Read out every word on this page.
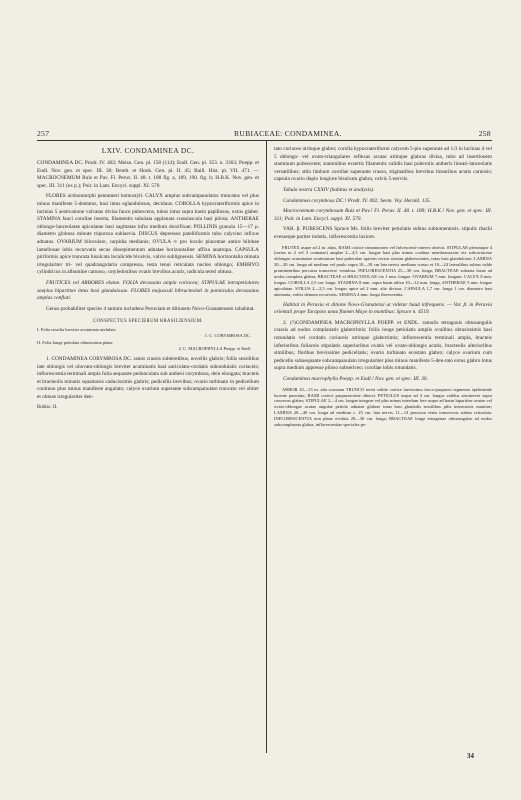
257	RUBIACEAE: CONDAMINEA.	258

LXIV. CONDAMINEA DC.

CONDAMINEA DC. Prodr. IV. 402; Meisn. Gen. pl. 158 (114); Endl. Gen. pl. 353. n. 3363; Poepp. et Endl. Nov. gen. et spec. III. 30; Benth. et Hook. Gen. pl. II. 45; Baill. Hist. pl. VII. 471. — MACROCNEMUM Ruiz et Pav. Fl. Peruv. II. 48. t. 188 fig. a, 189, 190. fig. b; H.B.K. Nov. gen. et spec. III. 311 (ex p.); Poir. in Lam. Encycl. suppl. XI. 570.

FLORES actinomorphi pentameri homostyli. CALYX amplus subcampanulatus truncatus vel plus minus manifeste 5-dentatus, basi intus eglandulosus, deciduus. COROLLA hypocrateriformis apice in lacinias 5 aestivatione valvatas divisa fauce pubescens, tubus intus supra basin papillosus, extus glaber. STAMINA fauci corollae inserta, filamentis subulata applanata crassiuscula basi pilosa; ANTHERAE oblongo-lanceolatae apiculatae basi sagittatae infra medium dorsifixae; POLLINIS granula 15—17 μ. diametro globosa minute triporosa sublaevia. DISCUS depressus patelliformis tubo calycino infixus adnatus. OVARIUM biloculare, carpidia medianis; OVULA ∞ pro loculo placentae antice bilobae lamellosae lobis recurvatis secus dissepimentum adnatae horizontaliter affixa anatropa. CAPSULA piriformis apice truncata bisulcata loculicide bivalvis, valvis subligneosis. SEMINA horizontalia minuta irregulariter tri- vel quadrangularia compressa, testa tenui reticulata nucleo oblongo; EMBRYO cylindricus in albumine carnoso, cotyledonibus ovatis brevibus acutis, radicula tereti obtusa.

FRUTICES vel ARBORES elatae. FOLIA decussata ampla coriacea; STIPULAE intrapetiolares saepius bipartitae intus basi glandulosae. FLORES majusculi bibracteolati in panniculas decussatas amplas conflati.

Genus probabiliter species 4 tantum includens Peruviam et ditionem Novo-Granatensem inhabitat.

CONSPECTUS SPECIERUM BRASILIENSIUM.

I. Folia sessilia breviter acuminata undulata
1. C. CORYMBOSA DC.
II. Folia longe petiolata obtusissima plana
2. C. MACROPHYLLA Poepp. et Endl.

1. CONDAMINEA CORYMBOSA DC. ramis crassis subteretibus, novellis glabris; foliis sessilibus late oblongis vel obovato-oblongis breviter acuminatis basi auriculato-cordatis subundulatis coriaceis; inflorescentia terminali ampla folia aequante pedunculata sub anthesi corymbosa, dein elongata; bracteis et bracteolis minutis squamosis caducissimis glabris; pedicellis brevibus; ovario turbinato in pedicellum continuo plus minus manifeste angulato; calyce ovarium superante subcampanulato truncato vel obiter et obtuse irregulariter den-

Rubiac. II.

tato coriaceo utrinque glabro; corolla hypocrateriformi calycem 5-plo superante ad 1/3 in lacinias 4 vel 5 oblongo- vel ovato-triangulares reflexas acutas utrinque glabras divisa, tubo ad insertionem staminum pubescente; staminibus exsertis filamentis validis basi puberulis antheris lineari-lanceolatis versatilibus; stilo limbum corollae superante crasso, stigmatibus brevibus linearibus acutis carnosis; capsula ovario duplo longiore bisulcata glabra, valvis 5-nerviis.

Tabula nostra CXXIV (habitus et analysis).

Condaminea corymbosa DC.! Prodr. IV. 402; Seem. Voy. Herald. 135.

Macrocnemum corymbosum Ruiz et Pav.! Fl. Peruv. II. 48. t. 189; H.B.K.! Nov. gen. et spec. III. 311; Poir. in Lam. Encycl. suppl. XI. 570.

VAR. β. PUBESCENS Spruce Ms. foliis breviter petiolatis subtus subtomentosis. stipulis rhachi everaeque pariter indutis, inflorescentia laxiore.

FRUTEX usque ad 2 m. altus, RAMI cortice cinnamomeo vel fulvescenti-cinereo obtecti. STIPULAE plerumque 4 (rarius in 2 vel 3 connatae) amplae 2—4,5 cm. longae basi plus minus coalitae membranaceae vix subcoriaceae oblongae acuminatae acutissimae basi puberulae apicem versus sensim glabrescentes, intus basi glandulosae; LAMINA 20—30 cm. longa ad medium vel paulo supra 10—18 cm lata nervis mediano crasso et 10—24 lateralibus subtus valde prominentibus percursa transverse venulosa. INFLORESCENTIA 25—30 cm. longa; BRACTEAE subuata laxae ad nodos completa glabra; BRACTEAE et BRACTEOLAE vix 1 mm. longae. OVARIUM 7 mm. longum. CALYX 8 mm. longus. COROLLA 2,5 cm. longa. STAMINA 8 mm. supra basin affixa 10—12 mm. longa, ANTHERAE 5 mm. longae apiculatae. STILUS 2—2,5 cm. longus apice ad 2 mm. alte divisus. CAPSULA 1,7 cm. longa 1 cm. diametro basi attenuata, valvis demum recurvatis. SEMINA 4 mm. longa flavescentia.

Habitat in Peruvia et ditione Novo-Granatensi ut videtur haud infrequens. — Var. β. in Peruvia orientali prope Tarapoto unnu flumen Mayo in montibus: Spruce n. 4519.

2. (?)CONDAMINEA MACROPHYLLA POEPP. et ENDL. ramulis tetragonis obtusangulis crassis ad nodos complanatis glaberrimis; foliis longe petiolatis amplis ovalibus obtusissimis basi rotundatis vel cordatis coriaceis utrinque glaberrimis; inflorescentia terminali ampla, bracteis inferioribus foliaceis stipulatis superioribus ovatis vel ovato-oblongis acutis, bracteolis alterioribus similibus; floribus brevissime pedicellatis; ovario turbinato ecostato glabro; calyce ovarium cum pedicello subaequante subcampanulato irregulariter plus minus manifeste 5-den-tato extus glabro intus supra medium appresse piloso subsericeo; corollae lobis rotundatis.

Condaminea macrophylla Poepp. et Endl.! Nov. gen. et spec. III. 30.

ARBOR 10—13 m. alta coronam TRUNCO tereti valido cortice laevissimo fusco-purpureo tegmento epidermide lucente punctato; RAMI cortice purpurascente obtecti. PETIOLUS usque ad 4 cm. longus validus semiterees supra concavus glaber; STIPULAE 2—4 cm. longae integrae vel plus minus interdum fere usque ad basin bipartitae ovatae vel ovato-oblongae acutae angulae petiolo adnatae glabrae intus basi glandulis sessilibus pilis intermixtis munitae; LAMINA 20—40 cm. longa ad medium c. 25 cm. lata nervis 11—14 percursa venis transversis subtus reticulata. INFLORESCENTIA non plane evoluta 20—30 cm. longa; BRACTEAE longe tetragonae obtusangulae ad nodos subcomplanata glabra, inflorescentiae speciales pe-

34
